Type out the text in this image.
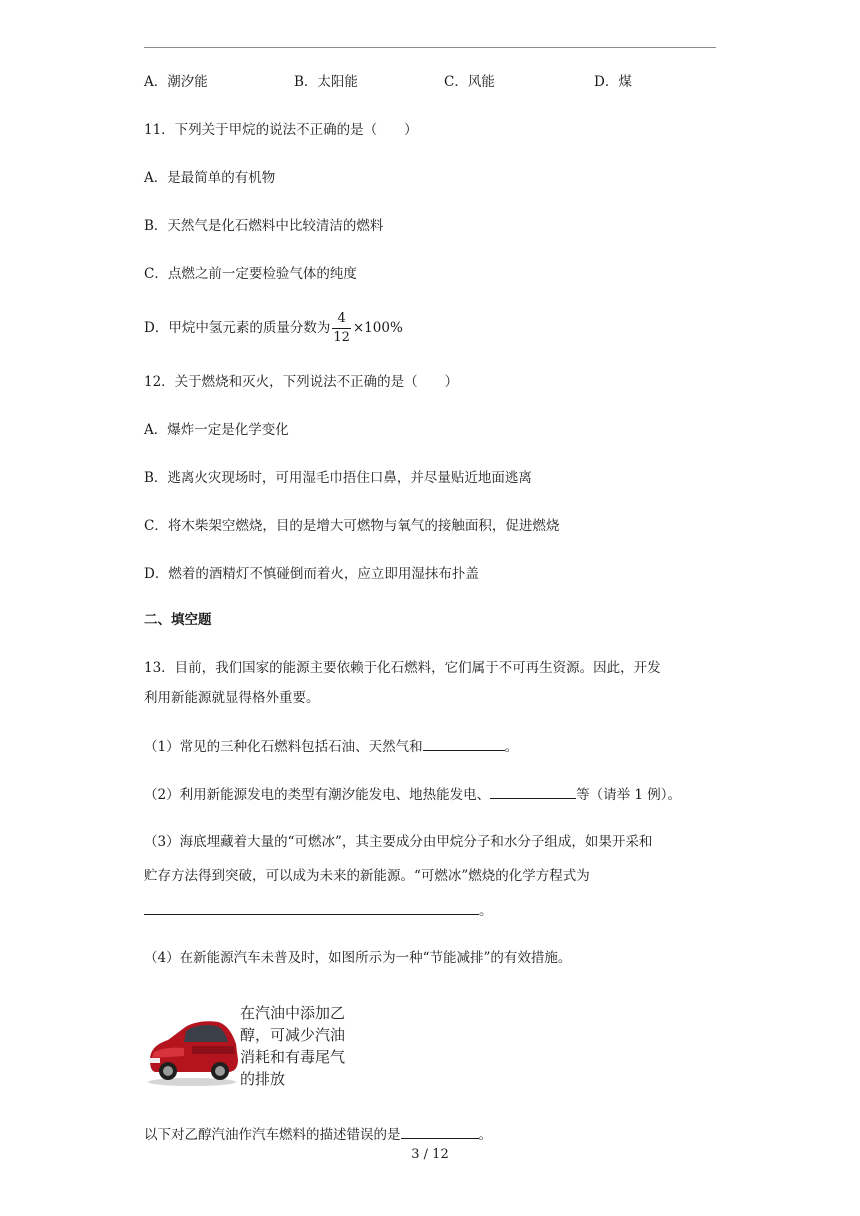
A．潮汐能	B．太阳能	C．风能	D．煤
11．下列关于甲烷的说法不正确的是（　　）
A．是最简单的有机物
B．天然气是化石燃料中比较清洁的燃料
C．点燃之前一定要检验气体的纯度
D．甲烷中氢元素的质量分数为 $\frac{4}{12} \times 100\%$
12．关于燃烧和灭火，下列说法不正确的是（　　）
A．爆炸一定是化学变化
B．逃离火灾现场时，可用湿毛巾捂住口鼻，并尽量贴近地面逃离
C．将木柴架空燃烧，目的是增大可燃物与氧气的接触面积，促进燃烧
D．燃着的酒精灯不慎碰倒而着火，应立即用湿抹布扑盖
二、填空题
13．目前，我们国家的能源主要依赖于化石燃料，它们属于不可再生资源。因此，开发
利用新能源就显得格外重要。
（1）常见的三种化石燃料包括石油、天然气和	。
（2）利用新能源发电的类型有潮汐能发电、地热能发电、	等（请举 1 例）。
（3）海底埋藏着大量的“可燃冰”，其主要成分由甲烷分子和水分子组成，如果开采和
贮存方法得到突破，可以成为未来的新能源。“可燃冰”燃烧的化学方程式为
。
（4）在新能源汽车未普及时，如图所示为一种“节能减排”的有效措施。
在汽油中添加乙
醇，可减少汽油
消耗和有毒尾气
的排放
以下对乙醇汽油作汽车燃料的描述错误的是	。
3 / 12
